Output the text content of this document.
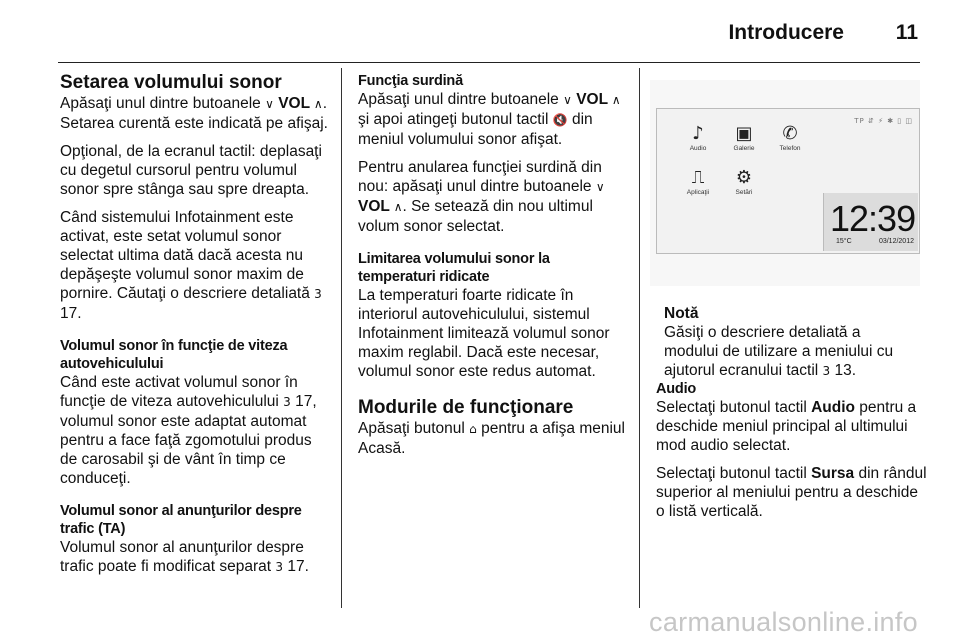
Introducere 11
Setarea volumului sonor

Apăsaţi unul dintre butoanele ∨ VOL ∧. Setarea curentă este indicată pe afişaj.

Opţional, de la ecranul tactil: deplasaţi cu degetul cursorul pentru volumul sonor spre stânga sau spre dreapta.

Când sistemului Infotainment este activat, este setat volumul sonor selectat ultima dată dacă acesta nu depăşeşte volumul sonor maxim de pornire. Căutaţi o descriere detaliată 3 17.

Volumul sonor în funcţie de viteza autovehiculului

Când este activat volumul sonor în funcţie de viteza autovehiculului 3 17, volumul sonor este adaptat automat pentru a face faţă zgomotului produs de carosabil şi de vânt în timp ce conduceţi.

Volumul sonor al anunţurilor despre trafic (TA)

Volumul sonor al anunţurilor despre trafic poate fi modificat separat 3 17.

Funcţia surdină

Apăsaţi unul dintre butoanele ∨ VOL ∧ şi apoi atingeţi butonul tactil 🔇 din meniul volumului sonor afişat.

Pentru anularea funcţiei surdină din nou: apăsaţi unul dintre butoanele ∨ VOL ∧. Se setează din nou ultimul volum sonor selectat.

Limitarea volumului sonor la temperaturi ridicate

La temperaturi foarte ridicate în interiorul autovehiculului, sistemul Infotainment limitează volumul sonor maxim reglabil. Dacă este necesar, volumul sonor este redus automat.

Modurile de funcţionare

Apăsaţi butonul ⌂ pentru a afişa meniul Acasă.

TP ⇵ ⚡ ✱ ▯ ◫
♪
Audio
▣
Galerie
✆
Telefon
⎍
Aplicaţii
⚙
Setări
12:39
15°C	03/12/2012
Notă
Găsiţi o descriere detaliată a modului de utilizare a meniului cu ajutorul ecranului tactil 3 13.
Audio

Selectaţi butonul tactil Audio pentru a deschide meniul principal al ultimului mod audio selectat.

Selectaţi butonul tactil Sursa din rândul superior al meniului pentru a deschide o listă verticală.

carmanualsonline.info
